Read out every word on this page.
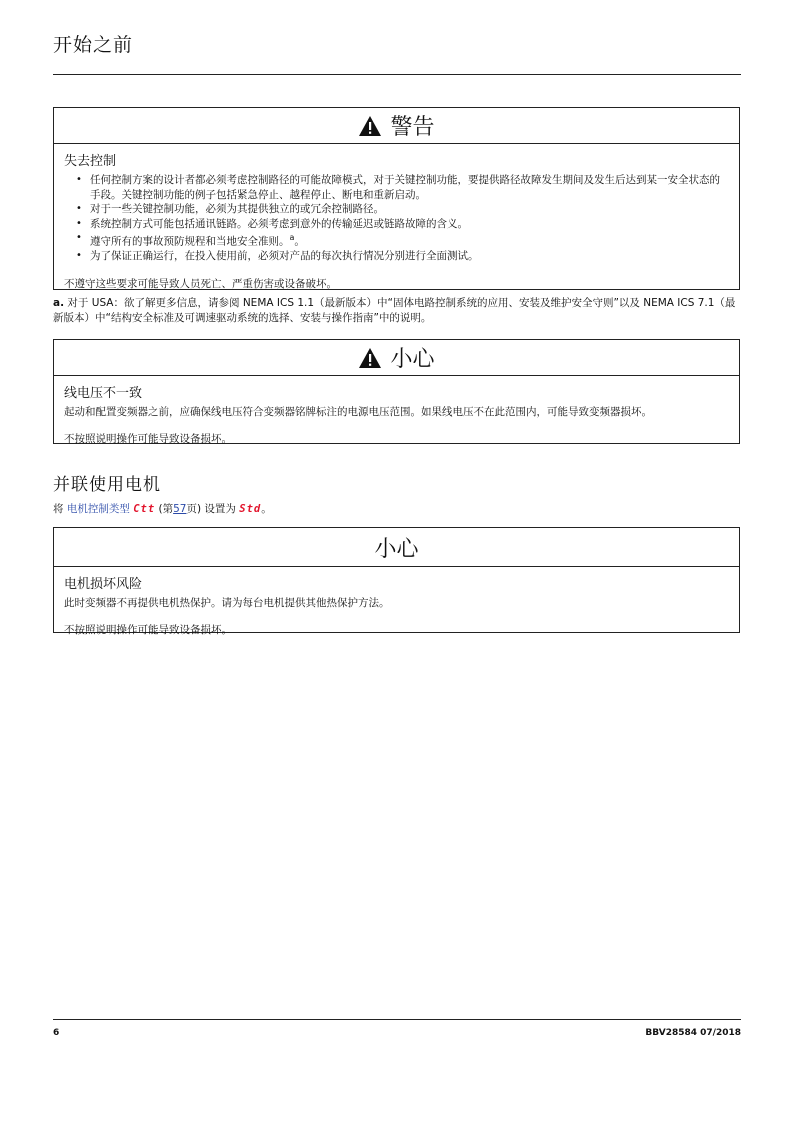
开始之前
警告
失去控制
• 任何控制方案的设计者都必须考虑控制路径的可能故障模式，对于关键控制功能，要提供路径故障发生期间及发生后达到某一安全状态的手段。关键控制功能的例子包括紧急停止、越程停止、断电和重新启动。
• 对于一些关键控制功能，必须为其提供独立的或冗余控制路径。
• 系统控制方式可能包括通讯链路。必须考虑到意外的传输延迟或链路故障的含义。
• 遵守所有的事故预防规程和当地安全准则。$^a$。
• 为了保证正确运行，在投入使用前，必须对产品的每次执行情况分别进行全面测试。
不遵守这些要求可能导致人员死亡、严重伤害或设备破坏。
a. 对于 USA：欲了解更多信息，请参阅 NEMA ICS 1.1（最新版本）中“固体电路控制系统的应用、安装及维护安全守则”以及 NEMA ICS 7.1（最新版本）中“结构安全标准及可调速驱动系统的选择、安装与操作指南”中的说明。
小心
线电压不一致
起动和配置变频器之前，应确保线电压符合变频器铭牌标注的电源电压范围。如果线电压不在此范围内，可能导致变频器损坏。
不按照说明操作可能导致设备损坏。
并联使用电机
将 电机控制类型 Ctt (第57页) 设置为 Std。
小心
电机损坏风险
此时变频器不再提供电机热保护。请为每台电机提供其他热保护方法。
不按照说明操作可能导致设备损坏。
6	BBV28584 07/2018
